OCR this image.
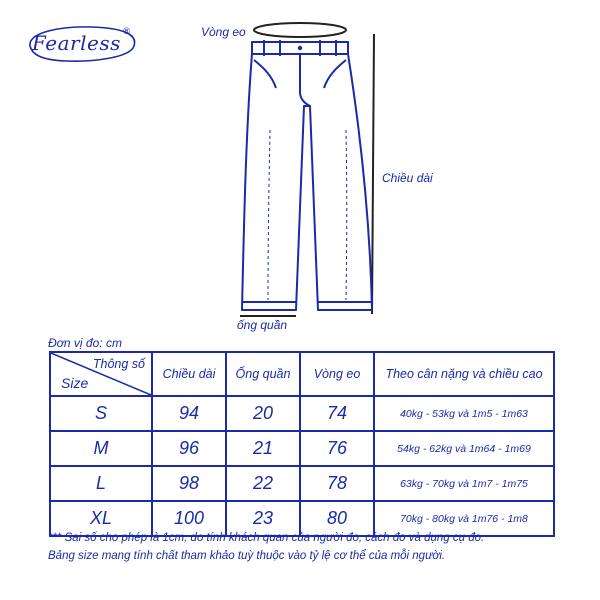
Fearless ®	Vòng eo
Chiều dài
ống quần
Đơn vị đo: cm
Thông số
Size	Chiều dài	Ống quần	Vòng eo	Theo cân nặng và chiều cao
S	94	20	74	40kg - 53kg và 1m5 - 1m63
M	96	21	76	54kg - 62kg và 1m64 - 1m69
L	98	22	78	63kg - 70kg và 1m7 - 1m75
XL	100	23	80	70kg - 80kg và 1m76 - 1m8
*** Sai số cho phép là 1cm, do tính khách quan của người đo, cách đo và dụng cụ đo.
Bảng size mang tính chất tham khảo tuỳ thuộc vào tỷ lệ cơ thể của mỗi người.
